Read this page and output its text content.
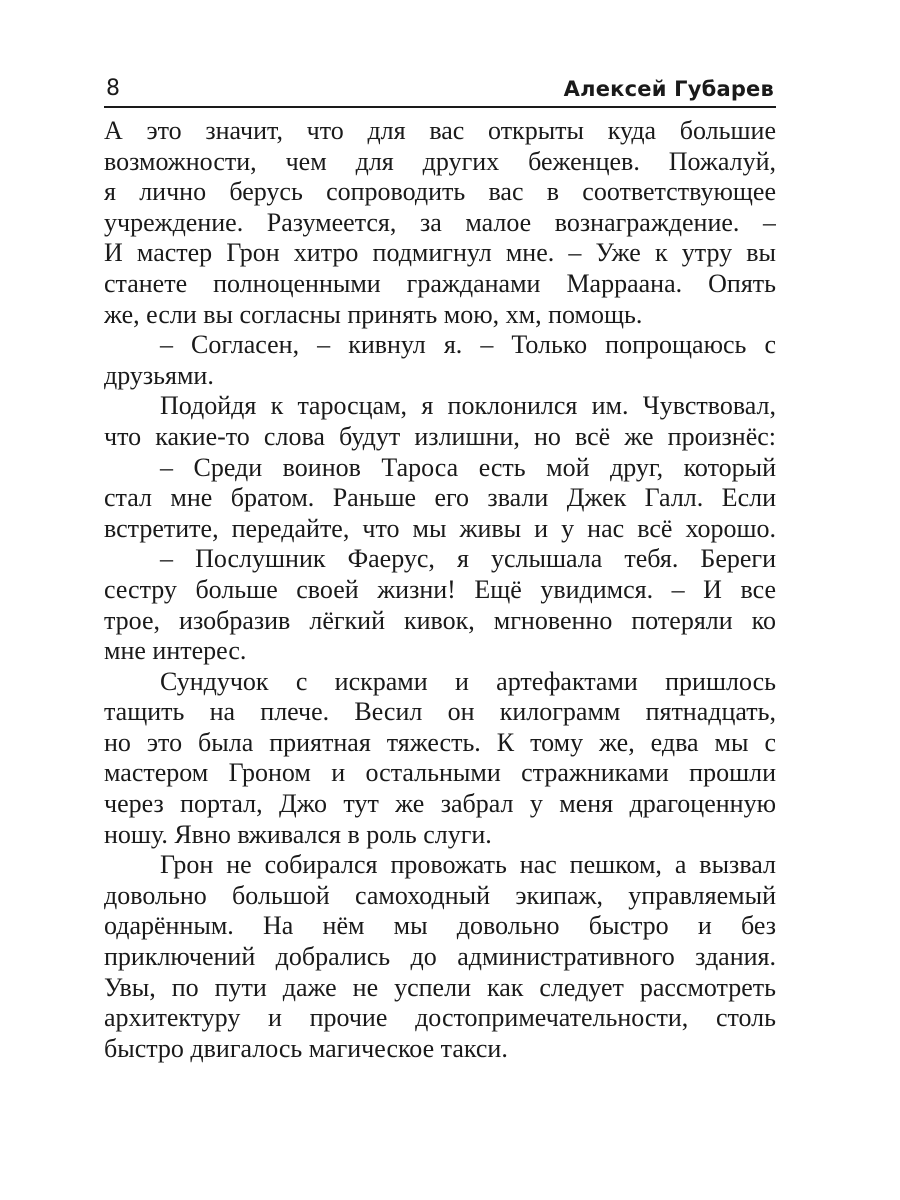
8	Алексей Губарев

А это значит, что для вас открыты куда большие
возможности, чем для других беженцев. Пожалуй,
я лично берусь сопроводить вас в соответствующее
учреждение. Разумеется, за малое вознаграждение. –
И мастер Грон хитро подмигнул мне. – Уже к утру вы
станете полноценными гражданами Марраана. Опять
же, если вы согласны принять мою, хм, помощь.

– Согласен, – кивнул я. – Только попрощаюсь с
друзьями.

Подойдя к тaросцам, я поклонился им. Чувствовал,
что какие-то слова будут излишни, но всё же произнёс:

– Среди воинов Тароса есть мой друг, который
стал мне братом. Раньше его звали Джек Галл. Если
встретите, передайте, что мы живы и у нас всё хорошо.

– Послушник Фаерус, я услышала тебя. Береги
сестру больше своей жизни! Ещё увидимся. – И все
трое, изобразив лёгкий кивок, мгновенно потеряли ко
мне интерес.

Сундучок с искрами и артефактами пришлось
тащить на плече. Весил он килограмм пятнадцать,
но это была приятная тяжесть. К тому же, едва мы с
мастером Гроном и остальными стражниками прошли
через портал, Джо тут же забрал у меня драгоценную
ношу. Явно вживался в роль слуги.

Грон не собирался провожать нас пешком, а вызвал
довольно большой самоходный экипаж, управляемый
одарённым. На нём мы довольно быстро и без
приключений добрались до административного здания.
Увы, по пути даже не успели как следует рассмотреть
архитектуру и прочие достопримечательности, столь
быстро двигалось магическое такси.
